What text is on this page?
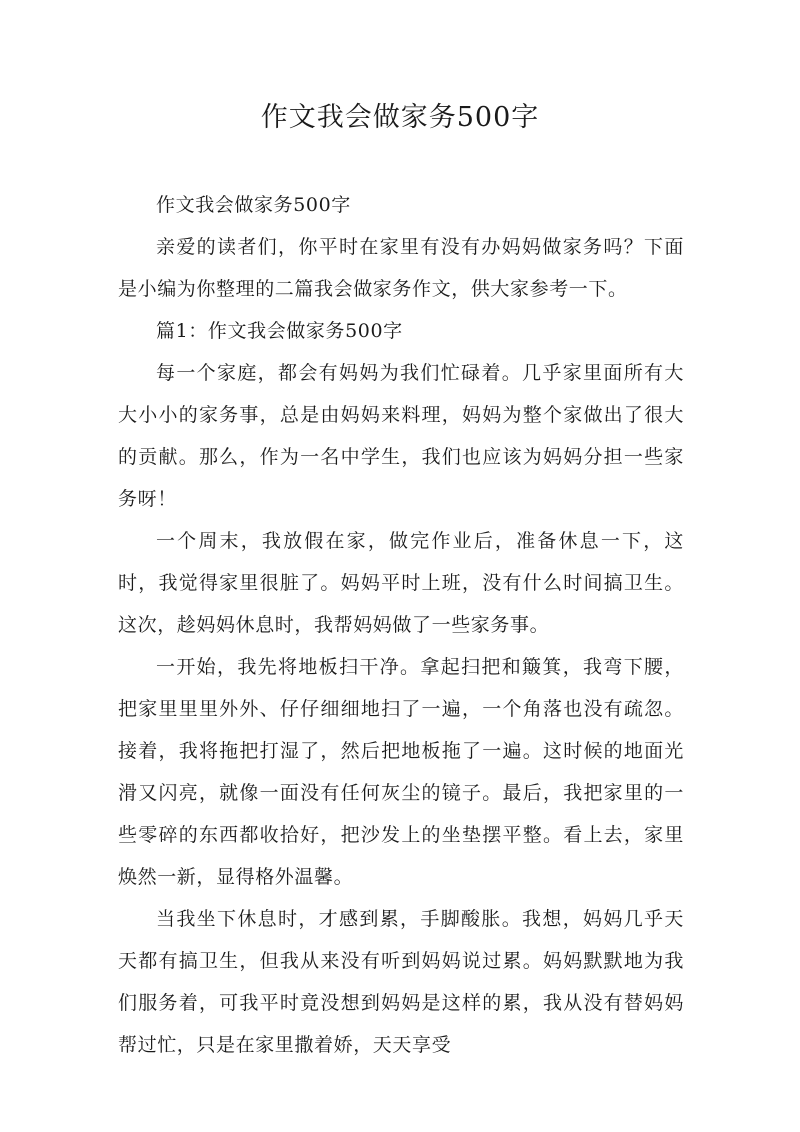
作文我会做家务500字

作文我会做家务500字

亲爱的读者们，你平时在家里有没有办妈妈做家务吗？下面是小编为你整理的二篇我会做家务作文，供大家参考一下。

篇1：作文我会做家务500字

每一个家庭，都会有妈妈为我们忙碌着。几乎家里面所有大大小小的家务事，总是由妈妈来料理，妈妈为整个家做出了很大的贡献。那么，作为一名中学生，我们也应该为妈妈分担一些家务呀！

一个周末，我放假在家，做完作业后，准备休息一下，这时，我觉得家里很脏了。妈妈平时上班，没有什么时间搞卫生。这次，趁妈妈休息时，我帮妈妈做了一些家务事。

一开始，我先将地板扫干净。拿起扫把和簸箕，我弯下腰，把家里里里外外、仔仔细细地扫了一遍，一个角落也没有疏忽。接着，我将拖把打湿了，然后把地板拖了一遍。这时候的地面光滑又闪亮，就像一面没有任何灰尘的镜子。最后，我把家里的一些零碎的东西都收拾好，把沙发上的坐垫摆平整。看上去，家里焕然一新，显得格外温馨。

当我坐下休息时，才感到累，手脚酸胀。我想，妈妈几乎天天都有搞卫生，但我从来没有听到妈妈说过累。妈妈默默地为我们服务着，可我平时竟没想到妈妈是这样的累，我从没有替妈妈帮过忙，只是在家里撒着娇，天天享受
